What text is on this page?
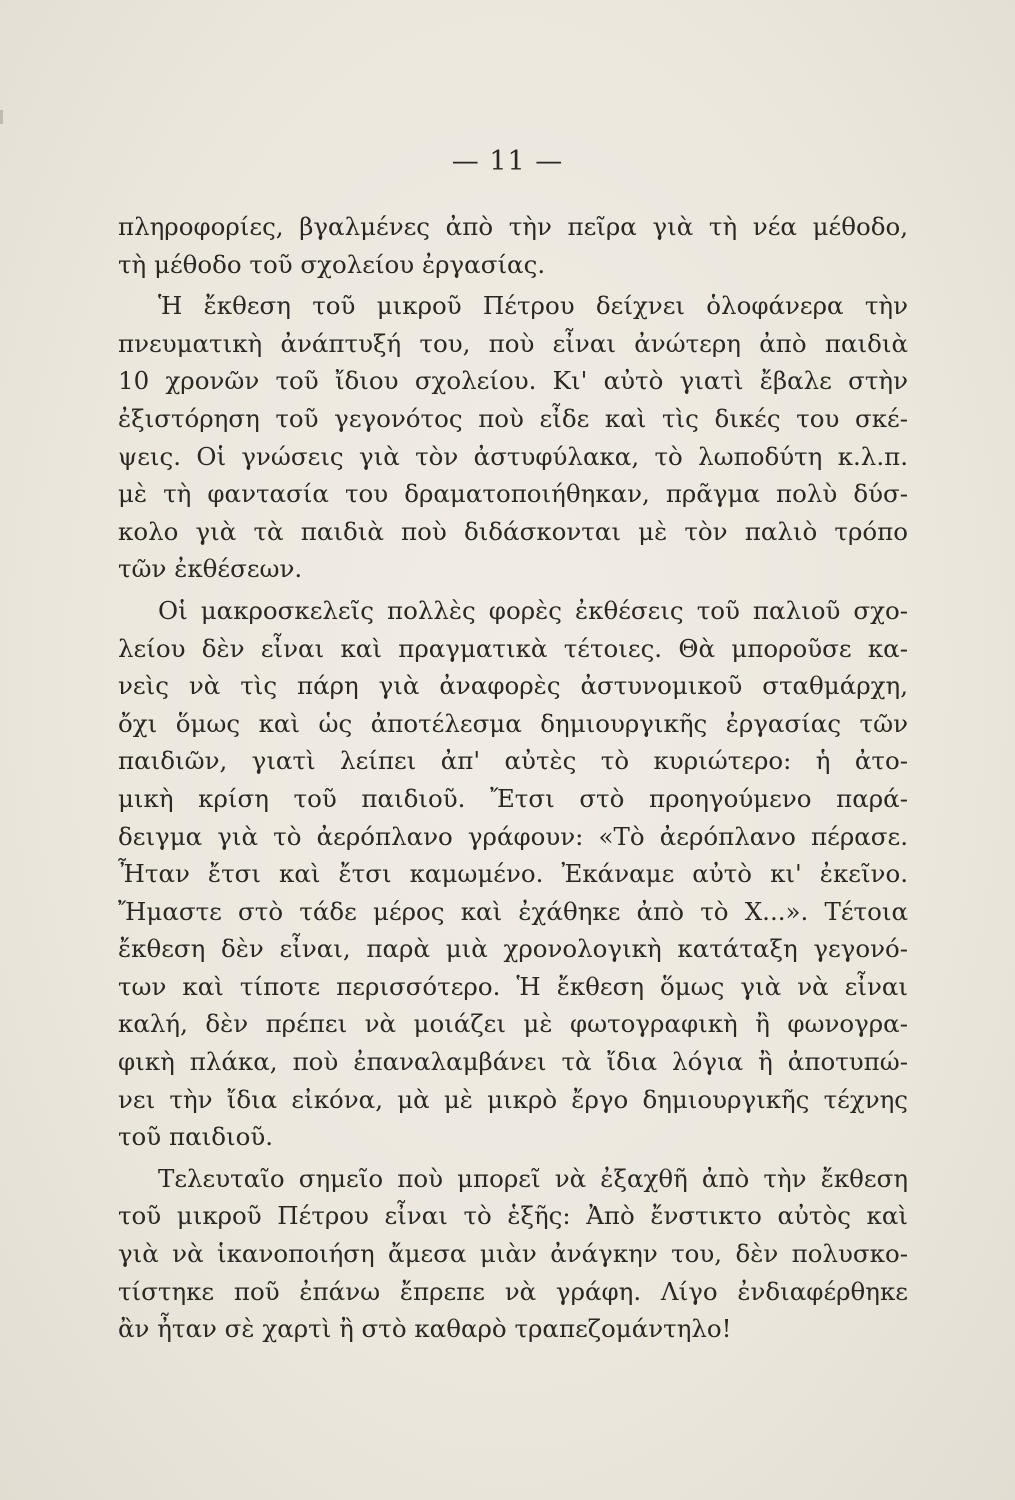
— 11 —

πληροφορίες, βγαλμένες ἀπὸ τὴν πεῖρα γιὰ τὴ νέα μέθοδο,
τὴ μέθοδο τοῦ σχολείου ἐργασίας.

Ἡ ἔκθεση τοῦ μικροῦ Πέτρου δείχνει ὁλοφάνερα τὴν
πνευματικὴ ἀνάπτυξή του, ποὺ εἶναι ἀνώτερη ἀπὸ παιδιὰ
10 χρονῶν τοῦ ἴδιου σχολείου. Κι' αὐτὸ γιατὶ ἔβαλε στὴν
ἐξιστόρηση τοῦ γεγονότος ποὺ εἶδε καὶ τὶς δικές του σκέ-
ψεις. Οἱ γνώσεις γιὰ τὸν ἀστυφύλακα, τὸ λωποδύτη κ.λ.π.
μὲ τὴ φαντασία του δραματοποιήθηκαν, πρᾶγμα πολὺ δύσ-
κολο γιὰ τὰ παιδιὰ ποὺ διδάσκονται μὲ τὸν παλιὸ τρόπο
τῶν ἐκθέσεων.

Οἱ μακροσκελεῖς πολλὲς φορὲς ἐκθέσεις τοῦ παλιοῦ σχο-
λείου δὲν εἶναι καὶ πραγματικὰ τέτοιες. Θὰ μποροῦσε κα-
νεὶς νὰ τὶς πάρη γιὰ ἀναφορὲς ἀστυνομικοῦ σταθμάρχη,
ὄχι ὅμως καὶ ὡς ἀποτέλεσμα δημιουργικῆς ἐργασίας τῶν
παιδιῶν, γιατὶ λείπει ἀπ' αὐτὲς τὸ κυριώτερο: ἡ ἀτο-
μικὴ κρίση τοῦ παιδιοῦ. Ἔτσι στὸ προηγούμενο παρά-
δειγμα γιὰ τὸ ἀερόπλανο γράφουν: «Τὸ ἀερόπλανο πέρασε.
Ἦταν ἔτσι καὶ ἔτσι καμωμένο. Ἐκάναμε αὐτὸ κι' ἐκεῖνο.
Ἤμαστε στὸ τάδε μέρος καὶ ἐχάθηκε ἀπὸ τὸ Χ...». Τέτοια
ἔκθεση δὲν εἶναι, παρὰ μιὰ χρονολογικὴ κατάταξη γεγονό-
των καὶ τίποτε περισσότερο. Ἡ ἔκθεση ὅμως γιὰ νὰ εἶναι
καλή, δὲν πρέπει νὰ μοιάζει μὲ φωτογραφικὴ ἢ φωνογρα-
φικὴ πλάκα, ποὺ ἐπαναλαμβάνει τὰ ἴδια λόγια ἢ ἀποτυπώ-
νει τὴν ἴδια εἰκόνα, μὰ μὲ μικρὸ ἔργο δημιουργικῆς τέχνης
τοῦ παιδιοῦ.

Τελευταῖο σημεῖο ποὺ μπορεῖ νὰ ἐξαχθῆ ἀπὸ τὴν ἔκθεση
τοῦ μικροῦ Πέτρου εἶναι τὸ ἑξῆς: Ἀπὸ ἔνστικτο αὐτὸς καὶ
γιὰ νὰ ἱκανοποιήση ἄμεσα μιὰν ἀνάγκην του, δὲν πολυσκο-
τίστηκε ποῦ ἐπάνω ἔπρεπε νὰ γράφη. Λίγο ἐνδιαφέρθηκε
ἂν ἦταν σὲ χαρτὶ ἢ στὸ καθαρὸ τραπεζομάντηλο!
